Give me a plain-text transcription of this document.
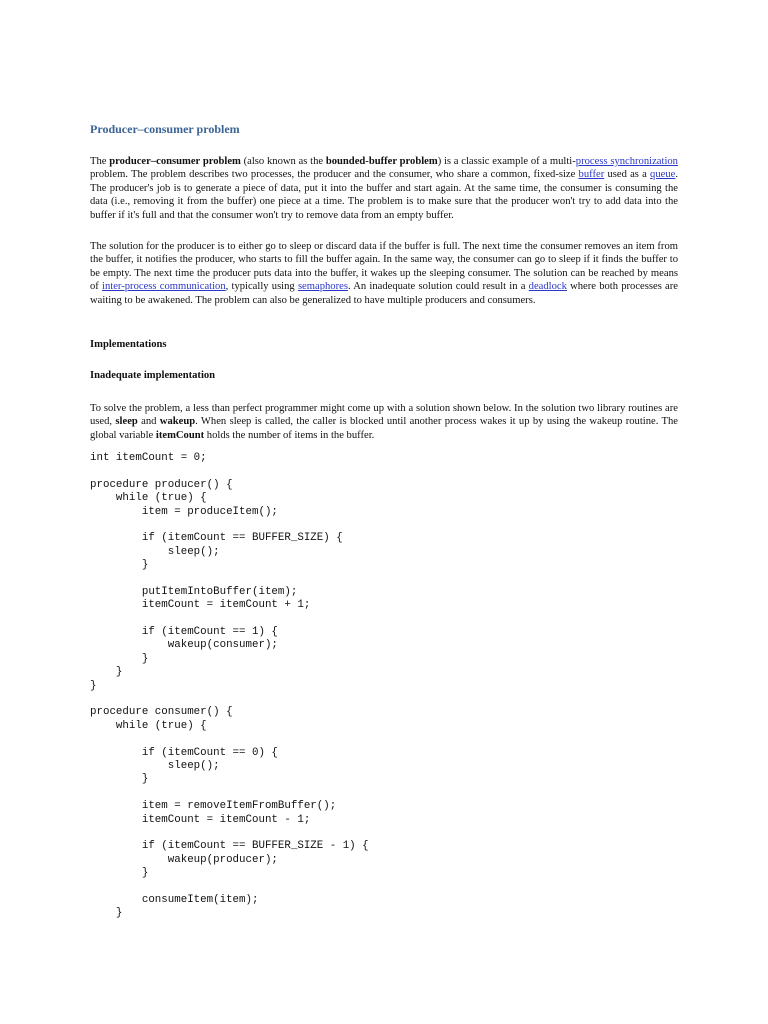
Producer–consumer problem

The producer–consumer problem (also known as the bounded-buffer problem) is a classic example of a multi-process synchronization problem. The problem describes two processes, the producer and the consumer, who share a common, fixed-size buffer used as a queue. The producer's job is to generate a piece of data, put it into the buffer and start again. At the same time, the consumer is consuming the data (i.e., removing it from the buffer) one piece at a time. The problem is to make sure that the producer won't try to add data into the buffer if it's full and that the consumer won't try to remove data from an empty buffer.

The solution for the producer is to either go to sleep or discard data if the buffer is full. The next time the consumer removes an item from the buffer, it notifies the producer, who starts to fill the buffer again. In the same way, the consumer can go to sleep if it finds the buffer to be empty. The next time the producer puts data into the buffer, it wakes up the sleeping consumer. The solution can be reached by means of inter-process communication, typically using semaphores. An inadequate solution could result in a deadlock where both processes are waiting to be awakened. The problem can also be generalized to have multiple producers and consumers.

Implementations
Inadequate implementation

To solve the problem, a less than perfect programmer might come up with a solution shown below. In the solution two library routines are used, sleep and wakeup. When sleep is called, the caller is blocked until another process wakes it up by using the wakeup routine. The global variable itemCount holds the number of items in the buffer.

int itemCount = 0;
procedure producer() {
while (true) {
item = produceItem();
if (itemCount == BUFFER_SIZE) {
sleep();
}
putItemIntoBuffer(item);
itemCount = itemCount + 1;
if (itemCount == 1) {
wakeup(consumer);
}
}
}
procedure consumer() {
while (true) {
if (itemCount == 0) {
sleep();
}
item = removeItemFromBuffer();
itemCount = itemCount - 1;
if (itemCount == BUFFER_SIZE - 1) {
wakeup(producer);
}
consumeItem(item);
}
